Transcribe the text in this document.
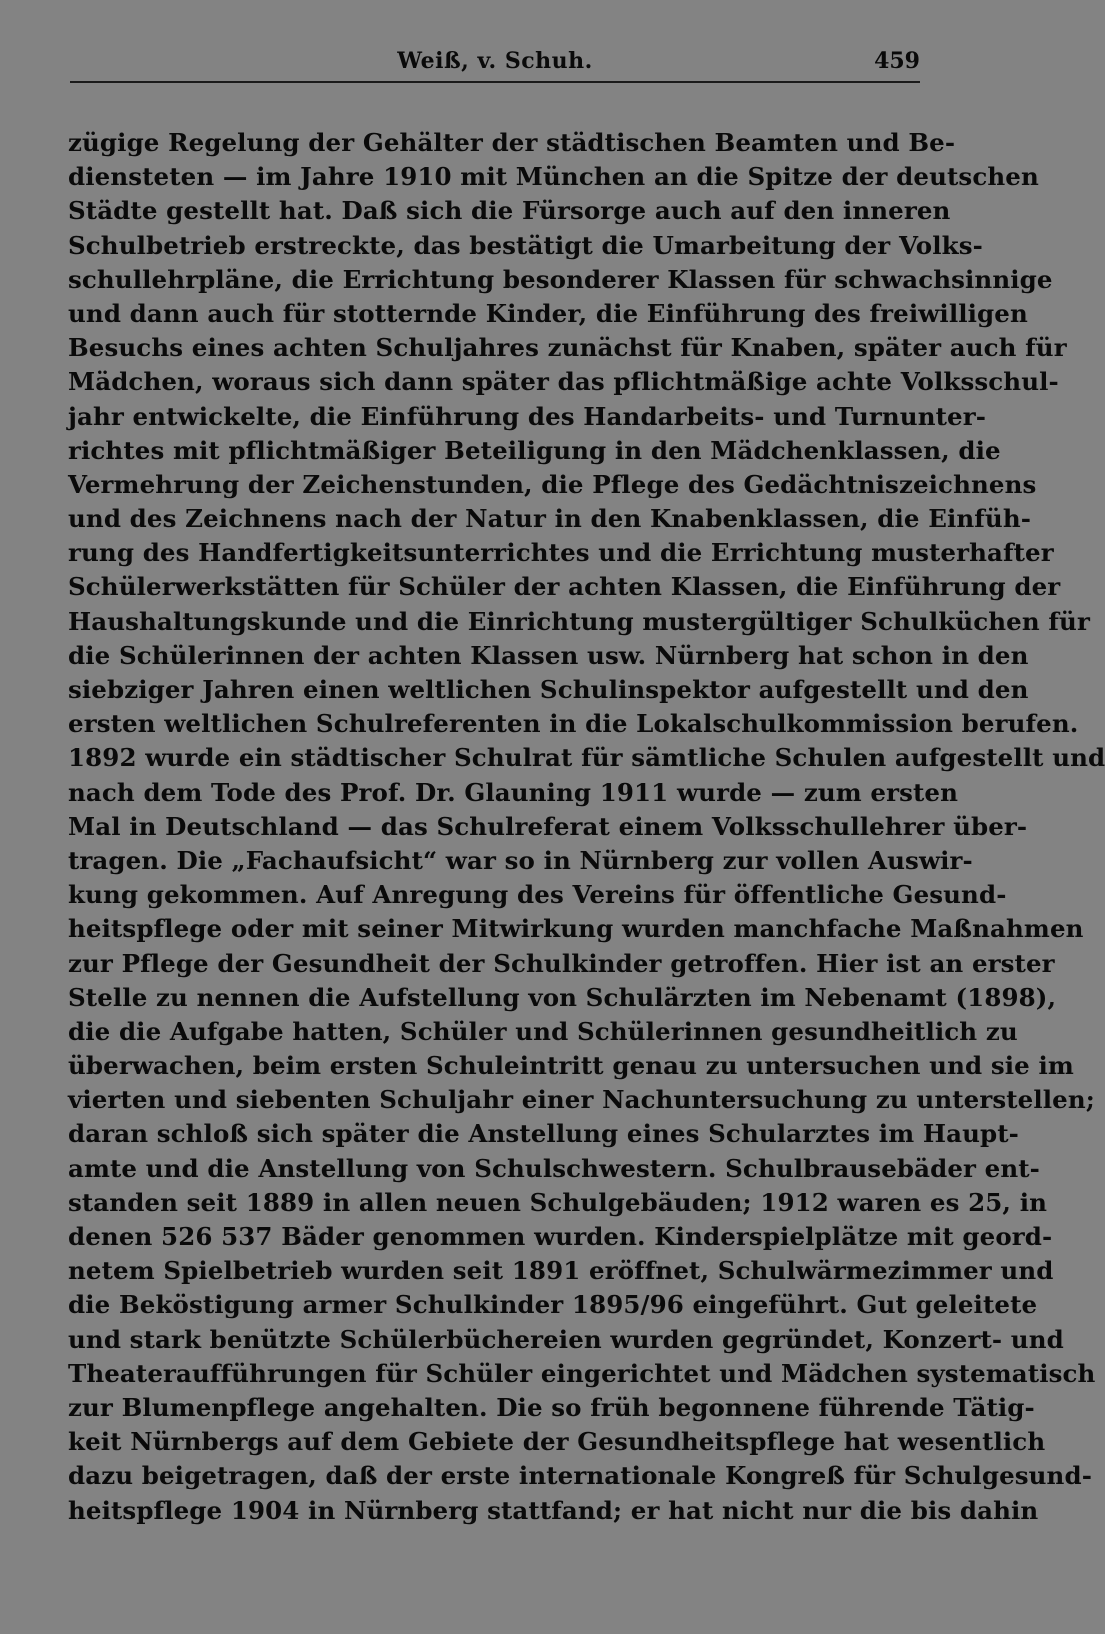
Weiß, v. Schuh.	459
zügige Regelung der Gehälter der städtischen Beamten und Be-
diensteten — im Jahre 1910 mit München an die Spitze der deutschen
Städte gestellt hat. Daß sich die Fürsorge auch auf den inneren
Schulbetrieb erstreckte, das bestätigt die Umarbeitung der Volks-
schullehrpläne, die Errichtung besonderer Klassen für schwachsinnige
und dann auch für stotternde Kinder, die Einführung des freiwilligen
Besuchs eines achten Schuljahres zunächst für Knaben, später auch für
Mädchen, woraus sich dann später das pflichtmäßige achte Volksschul-
jahr entwickelte, die Einführung des Handarbeits- und Turnunter-
richtes mit pflichtmäßiger Beteiligung in den Mädchenklassen, die
Vermehrung der Zeichenstunden, die Pflege des Gedächtniszeichnens
und des Zeichnens nach der Natur in den Knabenklassen, die Einfüh-
rung des Handfertigkeitsunterrichtes und die Errichtung musterhafter
Schülerwerkstätten für Schüler der achten Klassen, die Einführung der
Haushaltungskunde und die Einrichtung mustergültiger Schulküchen für
die Schülerinnen der achten Klassen usw. Nürnberg hat schon in den
siebziger Jahren einen weltlichen Schulinspektor aufgestellt und den
ersten weltlichen Schulreferenten in die Lokalschulkommission berufen.
1892 wurde ein städtischer Schulrat für sämtliche Schulen aufgestellt und
nach dem Tode des Prof. Dr. Glauning 1911 wurde — zum ersten
Mal in Deutschland — das Schulreferat einem Volksschullehrer über-
tragen. Die „Fachaufsicht“ war so in Nürnberg zur vollen Auswir-
kung gekommen. Auf Anregung des Vereins für öffentliche Gesund-
heitspflege oder mit seiner Mitwirkung wurden manchfache Maßnahmen
zur Pflege der Gesundheit der Schulkinder getroffen. Hier ist an erster
Stelle zu nennen die Aufstellung von Schulärzten im Nebenamt (1898),
die die Aufgabe hatten, Schüler und Schülerinnen gesundheitlich zu
überwachen, beim ersten Schuleintritt genau zu untersuchen und sie im
vierten und siebenten Schuljahr einer Nachuntersuchung zu unterstellen;
daran schloß sich später die Anstellung eines Schularztes im Haupt-
amte und die Anstellung von Schulschwestern. Schulbrausebäder ent-
standen seit 1889 in allen neuen Schulgebäuden; 1912 waren es 25, in
denen 526 537 Bäder genommen wurden. Kinderspielplätze mit geord-
netem Spielbetrieb wurden seit 1891 eröffnet, Schulwärmezimmer und
die Beköstigung armer Schulkinder 1895/96 eingeführt. Gut geleitete
und stark benützte Schülerbüchereien wurden gegründet, Konzert- und
Theateraufführungen für Schüler eingerichtet und Mädchen systematisch
zur Blumenpflege angehalten. Die so früh begonnene führende Tätig-
keit Nürnbergs auf dem Gebiete der Gesundheitspflege hat wesentlich
dazu beigetragen, daß der erste internationale Kongreß für Schulgesund-
heitspflege 1904 in Nürnberg stattfand; er hat nicht nur die bis dahin
